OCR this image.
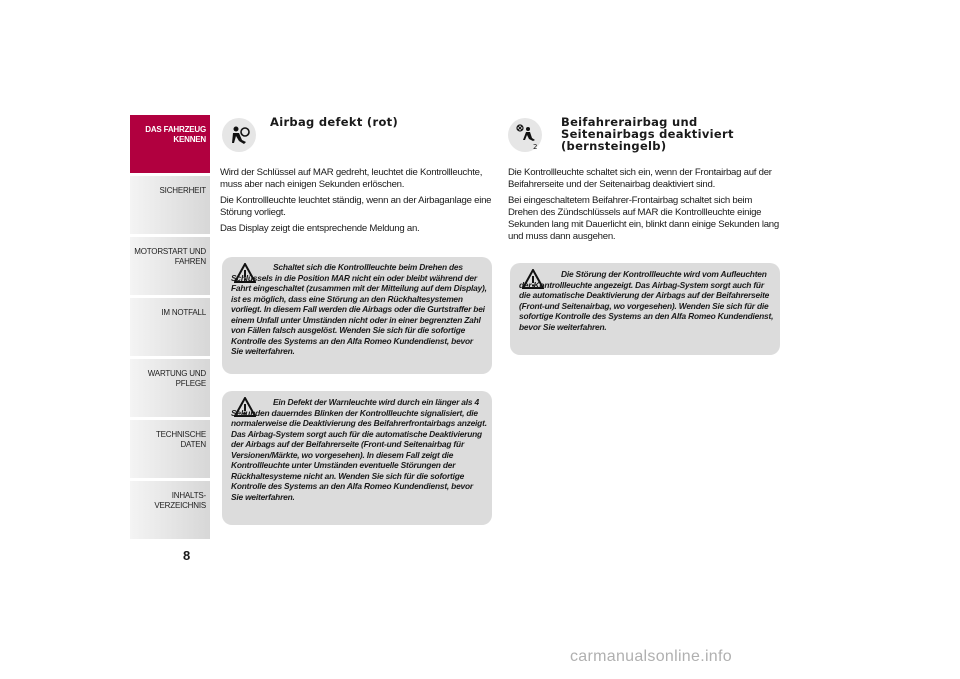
DAS FAHRZEUG
KENNEN
SICHERHEIT
MOTORSTART UND
FAHREN
IM NOTFALL
WARTUNG UND
PFLEGE
TECHNISCHE DATEN
INHALTS-
VERZEICHNIS
8
Airbag defekt (rot)

Wird der Schlüssel auf MAR gedreht, leuchtet die Kontrollleuchte, muss aber nach einigen Sekunden erlöschen.

Die Kontrollleuchte leuchtet ständig, wenn an der Airbaganlage eine Störung vorliegt.

Das Display zeigt die entsprechende Meldung an.

Schaltet sich die Kontrollleuchte beim Drehen des Schlüssels in die Position MAR nicht ein oder bleibt während der Fahrt eingeschaltet (zusammen mit der Mitteilung auf dem Display), ist es möglich, dass eine Störung an den Rückhaltesystemen vorliegt. In diesem Fall werden die Airbags oder die Gurtstraffer bei einem Unfall unter Umständen nicht oder in einer begrenzten Zahl von Fällen falsch ausgelöst. Wenden Sie sich für die sofortige Kontrolle des Systems an den Alfa Romeo Kundendienst, bevor Sie weiterfahren.
Ein Defekt der Warnleuchte wird durch ein länger als 4 Sekunden dauerndes Blinken der Kontrollleuchte signalisiert, die normalerweise die Deaktivierung des Beifahrerfrontairbags anzeigt. Das Airbag-System sorgt auch für die automatische Deaktivierung der Airbags auf der Beifahrerseite (Front-und Seitenairbag für Versionen/Märkte, wo vorgesehen). In diesem Fall zeigt die Kontrollleuchte unter Umständen eventuelle Störungen der Rückhaltesysteme nicht an. Wenden Sie sich für die sofortige Kontrolle des Systems an den Alfa Romeo Kundendienst, bevor Sie weiterfahren.
2
Beifahrerairbag und
Seitenairbags deaktiviert
(bernsteingelb)

Die Kontrollleuchte schaltet sich ein, wenn der Frontairbag auf der Beifahrerseite und der Seitenairbag deaktiviert sind.

Bei eingeschaltetem Beifahrer-Frontairbag schaltet sich beim Drehen des Zündschlüssels auf MAR die Kontrollleuchte einige Sekunden lang mit Dauerlicht ein, blinkt dann einige Sekunden lang und muss dann ausgehen.

Die Störung der Kontrollleuchte wird vom Aufleuchten der Kontrollleuchte angezeigt. Das Airbag-System sorgt auch für die automatische Deaktivierung der Airbags auf der Beifahrerseite (Front-und Seitenairbag, wo vorgesehen). Wenden Sie sich für die sofortige Kontrolle des Systems an den Alfa Romeo Kundendienst, bevor Sie weiterfahren.
carmanualsonline.info
